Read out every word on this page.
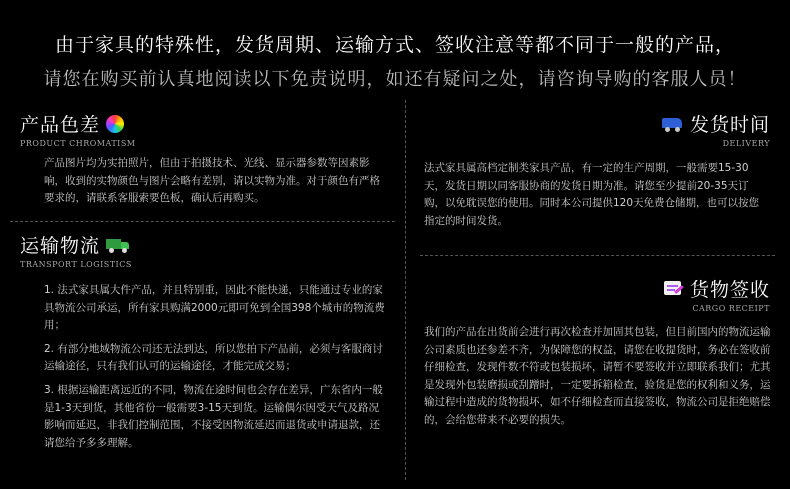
由于家具的特殊性，发货周期、运输方式、签收注意等都不同于一般的产品，
请您在购买前认真地阅读以下免责说明，如还有疑问之处，请咨询导购的客服人员！
产品色差
PRODUCT CHROMATISM

产品图片均为实拍照片，但由于拍摄技术、光线、显示器参数等因素影响，收到的实物颜色与图片会略有差别，请以实物为准。对于颜色有严格要求的，请联系客服索要色板，确认后再购买。

运输物流
TRANSPORT LOGISTICS

1. 法式家具属大件产品，并且特别重，因此不能快递，只能通过专业的家具物流公司承运，所有家具购满2000元即可免到全国398个城市的物流费用；

2. 有部分地域物流公司还无法到达，所以您拍下产品前，必须与客服商讨运输途径，只有我们认可的运输途径，才能完成交易；

3. 根据运输距离远近的不同，物流在途时间也会存在差异，广东省内一般是1-3天到货，其他省份一般需要3-15天到货。运输偶尔因受天气及路况影响而延迟，非我们控制范围，不接受因物流延迟而退货或申请退款，还请您给予多多理解。

发货时间
DELIVERY

法式家具属高档定制类家具产品，有一定的生产周期，一般需要15-30天，发货日期以同客服协商的发货日期为准。请您至少提前20-35天订购，以免耽误您的使用。同时本公司提供120天免费仓储期，也可以按您指定的时间发货。

货物签收
CARGO RECEIPT

我们的产品在出货前会进行再次检查并加固其包装，但目前国内的物流运输公司素质也还参差不齐，为保障您的权益，请您在收提货时，务必在签收前仔细检查，发现件数不符或包装损坏，请暂不要签收并立即联系我们；尤其是发现外包装磨损或刮蹭时，一定要拆箱检查，验货是您的权利和义务，运输过程中造成的货物损坏，如不仔细检查而直接签收，物流公司是拒绝赔偿的，会给您带来不必要的损失。
